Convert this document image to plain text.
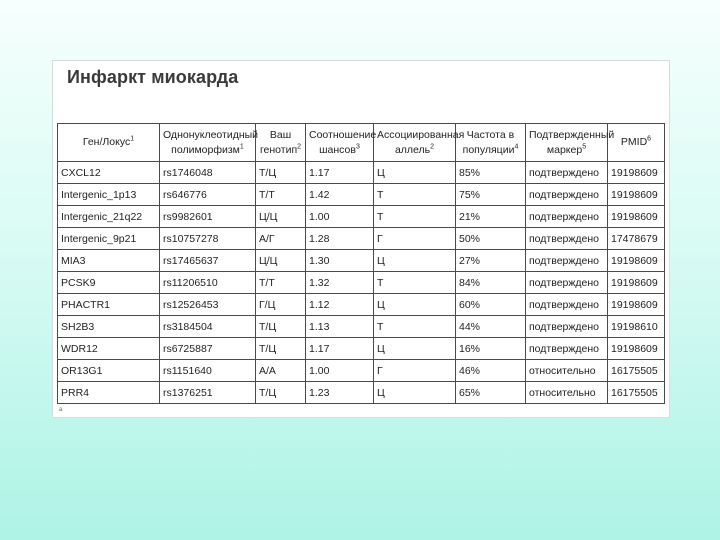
Инфаркт миокарда
Ген/Локус$^1$	Однонуклеотидный полиморфизм$^1$	Ваш генотип$^2$	Соотношение шансов$^3$	Ассоциированная аллель$^2$	Частота в популяции$^4$	Подтвержденный маркер$^5$	PMID$^6$
CXCL12	rs1746048	Т/Ц	1.17	Ц	85%	подтверждено	19198609
Intergenic_1p13	rs646776	Т/Т	1.42	Т	75%	подтверждено	19198609
Intergenic_21q22	rs9982601	Ц/Ц	1.00	Т	21%	подтверждено	19198609
Intergenic_9p21	rs10757278	А/Г	1.28	Г	50%	подтверждено	17478679
MIA3	rs17465637	Ц/Ц	1.30	Ц	27%	подтверждено	19198609
PCSK9	rs11206510	Т/Т	1.32	Т	84%	подтверждено	19198609
PHACTR1	rs12526453	Г/Ц	1.12	Ц	60%	подтверждено	19198609
SH2B3	rs3184504	Т/Ц	1.13	Т	44%	подтверждено	19198610
WDR12	rs6725887	Т/Ц	1.17	Ц	16%	подтверждено	19198609
OR13G1	rs1151640	А/А	1.00	Г	46%	относительно	16175505
PRR4	rs1376251	Т/Ц	1.23	Ц	65%	относительно	16175505
а
